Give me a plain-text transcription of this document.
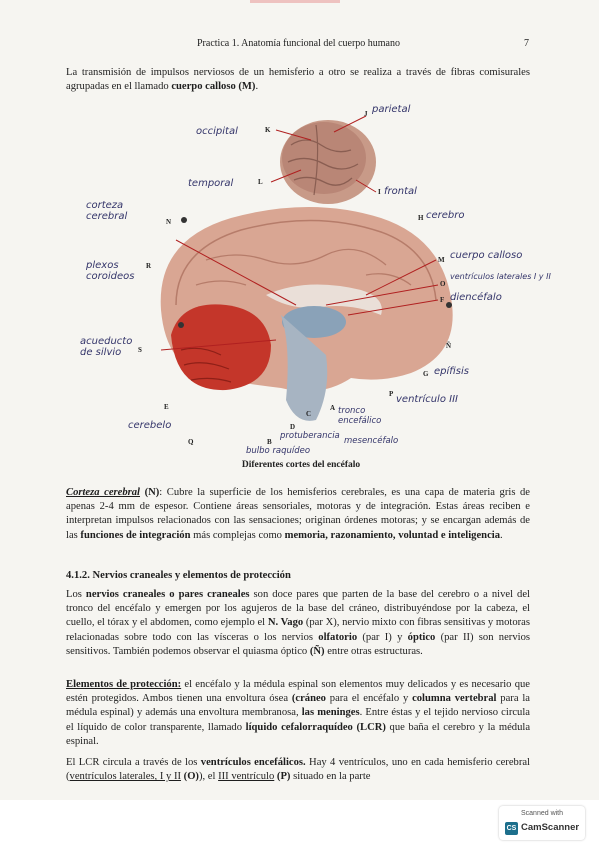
Practica 1. Anatomía funcional del cuerpo humano	7

La transmisión de impulsos nerviosos de un hemisferio a otro se realiza a través de fibras comisurales agrupadas en el llamado cuerpo calloso (M).

J
K
L
I
H
N
M
R
O
F
S	Ñ
G
P
E
Q	B
D
C
A
occipital
parietal
temporal
frontal
corteza cerebral	cerebro
plexos coroideos
cuerpo calloso
ventrículos laterales I y II
diencéfalo
acueducto de silvio
epífisis
ventrículo III
cerebelo
tronco encefálico
protuberancia mesencéfalo
bulbo raquídeo
Diferentes cortes del encéfalo

Corteza cerebral (N): Cubre la superficie de los hemisferios cerebrales, es una capa de materia gris de apenas 2-4 mm de espesor. Contiene áreas sensoriales, motoras y de integración. Estas áreas reciben e interpretan impulsos relacionados con las sensaciones; originan órdenes motoras; y se encargan además de las funciones de integración más complejas como memoria, razonamiento, voluntad e inteligencia.

4.1.2. Nervios craneales y elementos de protección

Los nervios craneales o pares craneales son doce pares que parten de la base del cerebro o a nivel del tronco del encéfalo y emergen por los agujeros de la base del cráneo, distribuyéndose por la cabeza, el cuello, el tórax y el abdomen, como ejemplo el N. Vago (par X), nervio mixto con fibras sensitivas y motoras relacionadas sobre todo con las vísceras o los nervios olfatorio (par I) y óptico (par II) son nervios sensitivos. También podemos observar el quiasma óptico (Ñ) entre otras estructuras.

Elementos de protección: el encéfalo y la médula espinal son elementos muy delicados y es necesario que estén protegidos. Ambos tienen una envoltura ósea (cráneo para el encéfalo y columna vertebral para la médula espinal) y además una envoltura membranosa, las meninges. Entre éstas y el tejido nervioso circula el líquido de color transparente, llamado líquido cefalorraquídeo (LCR) que baña el cerebro y la médula espinal.

El LCR circula a través de los ventrículos encefálicos. Hay 4 ventrículos, uno en cada hemisferio cerebral (ventrículos laterales, I y II (O)), el III ventrículo (P) situado en la parte

Scanned with
CS CamScanner
